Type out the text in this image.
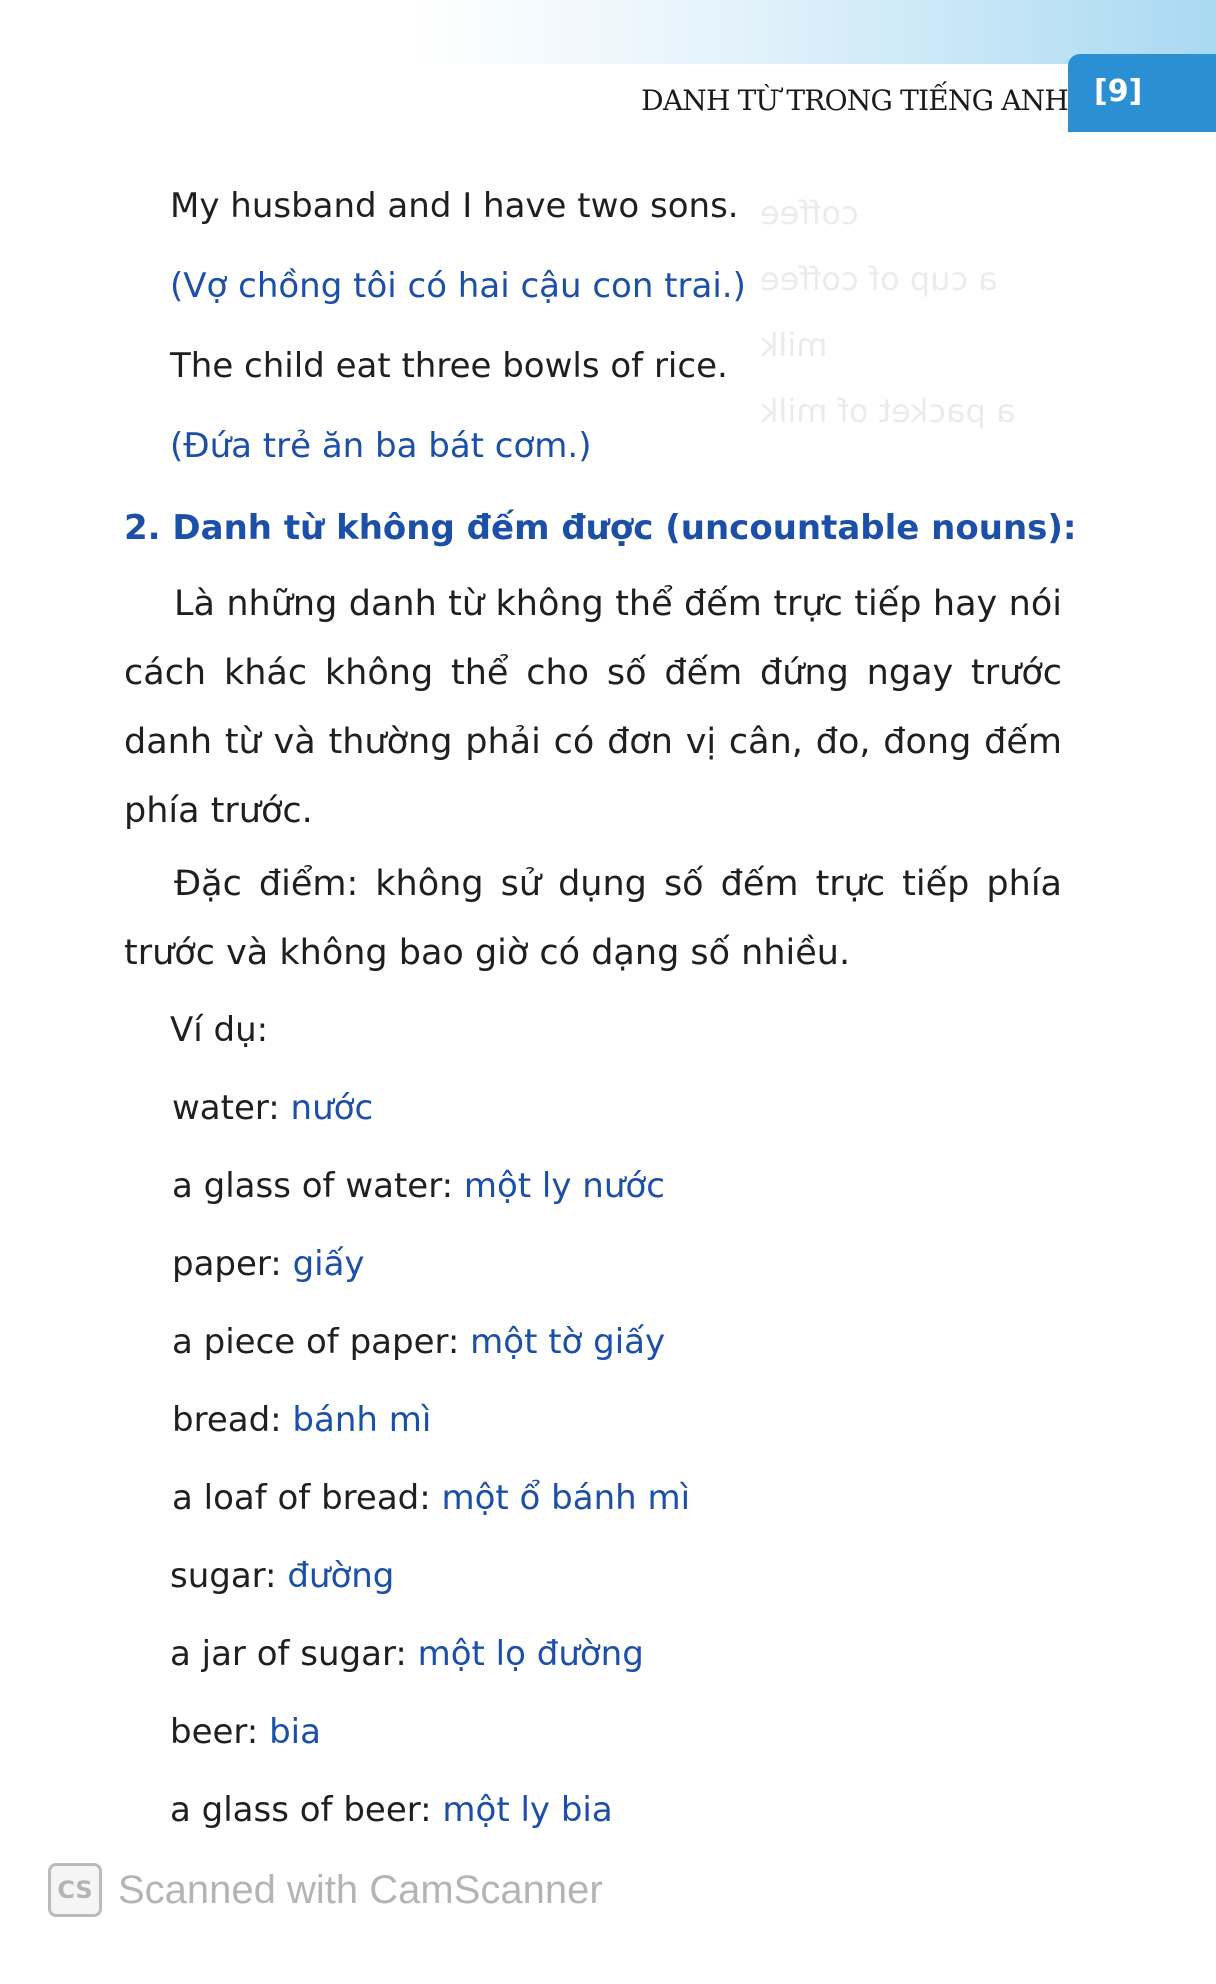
DANH TỪ TRONG TIẾNG ANH [9]
coffee
a cup of coffee
milk
a packet of milk
My husband and I have two sons.
(Vợ chồng tôi có hai cậu con trai.)
The child eat three bowls of rice.
(Đứa trẻ ăn ba bát cơm.)
2. Danh từ không đếm được (uncountable nouns):
Là những danh từ không thể đếm trực tiếp hay nói cách khác không thể cho số đếm đứng ngay trước danh từ và thường phải có đơn vị cân, đo, đong đếm phía trước.
Đặc điểm: không sử dụng số đếm trực tiếp phía trước và không bao giờ có dạng số nhiều.
Ví dụ:
water: nước
a glass of water: một ly nước
paper: giấy
a piece of paper: một tờ giấy
bread: bánh mì
a loaf of bread: một ổ bánh mì
sugar: đường
a jar of sugar: một lọ đường
beer: bia
a glass of beer: một ly bia
CS Scanned with CamScanner
